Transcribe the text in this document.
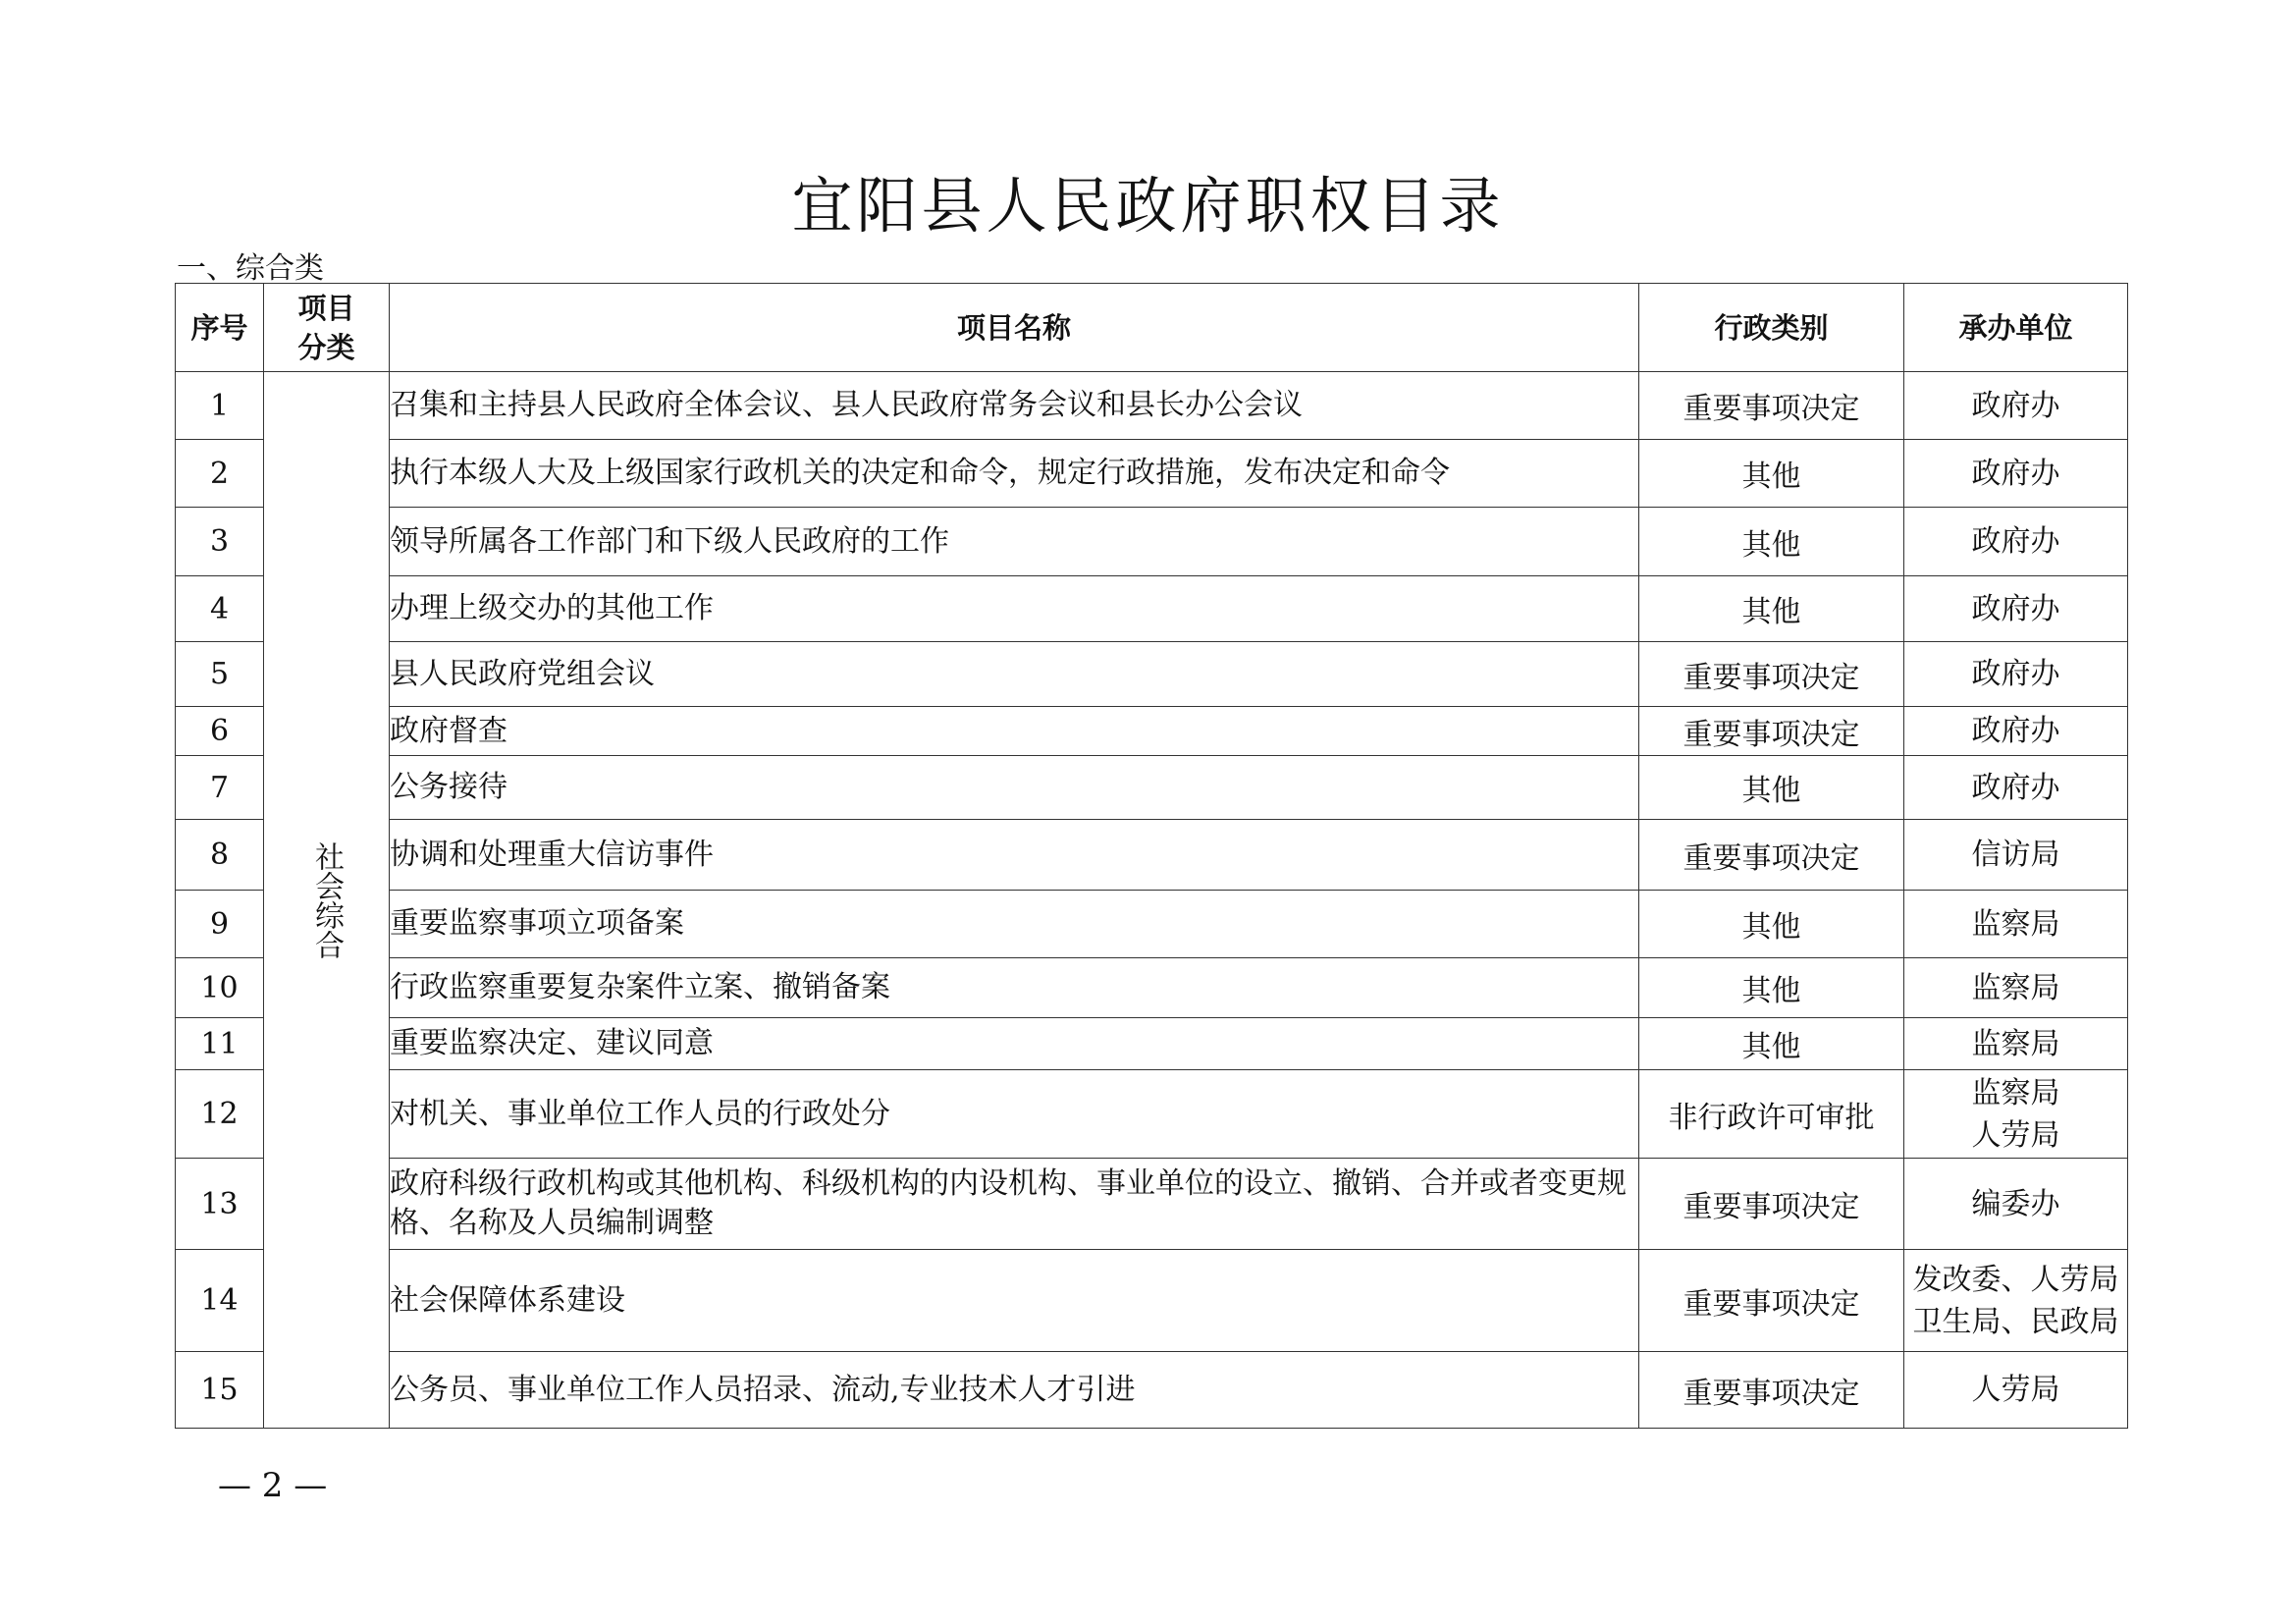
宜阳县人民政府职权目录
一、综合类
序号	项目分类	项目名称	行政类别	承办单位
1	社会综合	召集和主持县人民政府全体会议、县人民政府常务会议和县长办公会议	重要事项决定	政府办
2		执行本级人大及上级国家行政机关的决定和命令，规定行政措施，发布决定和命令	其他	政府办
3		领导所属各工作部门和下级人民政府的工作	其他	政府办
4		办理上级交办的其他工作	其他	政府办
5		县人民政府党组会议	重要事项决定	政府办
6		政府督查	重要事项决定	政府办
7		公务接待	其他	政府办
8		协调和处理重大信访事件	重要事项决定	信访局
9		重要监察事项立项备案	其他	监察局
10		行政监察重要复杂案件立案、撤销备案	其他	监察局
11		重要监察决定、建议同意	其他	监察局
12		对机关、事业单位工作人员的行政处分	非行政许可审批	监察局
人劳局
13		政府科级行政机构或其他机构、科级机构的内设机构、事业单位的设立、撤销、合并或者变更规格、名称及人员编制调整	重要事项决定	编委办
14		社会保障体系建设	重要事项决定	发改委、人劳局
卫生局、民政局
15		公务员、事业单位工作人员招录、流动,专业技术人才引进	重要事项决定	人劳局
— 2 —
